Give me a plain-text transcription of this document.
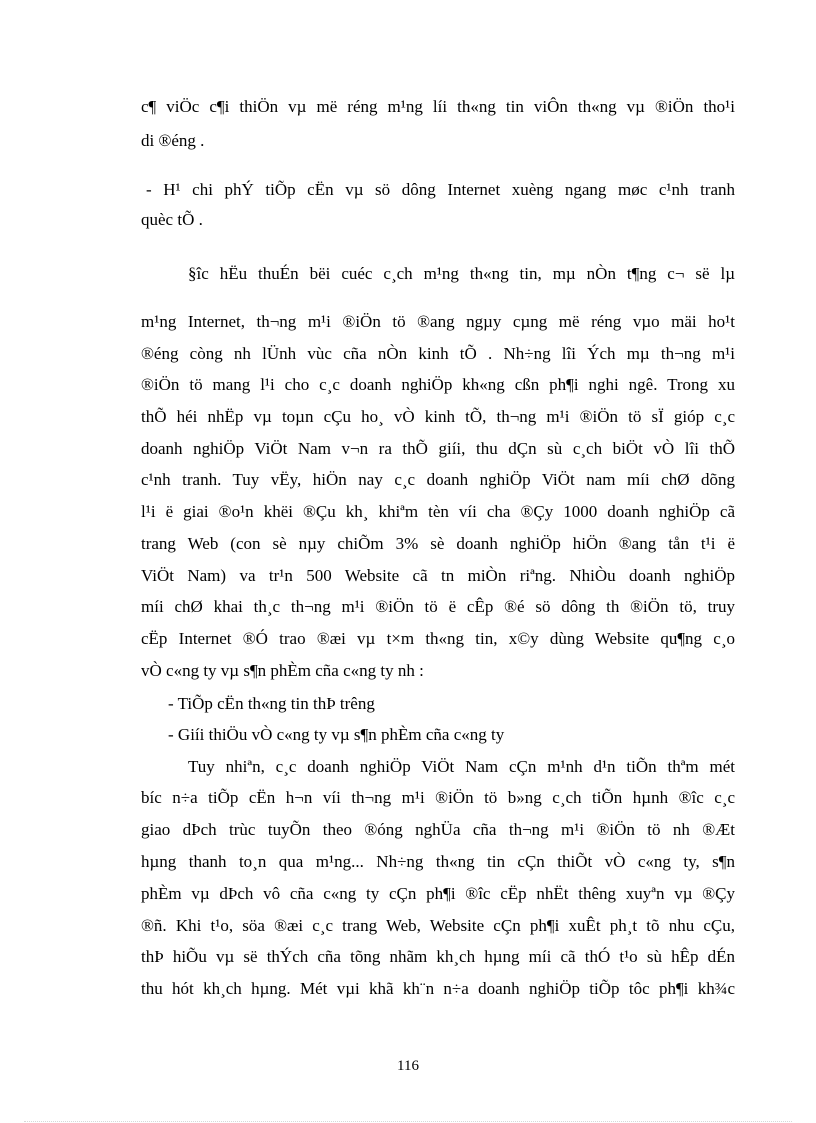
c¶ viÖc c¶i thiÖn vµ më réng m¹ng líi th«ng tin viÔn th«ng vµ ®iÖn tho¹i
di ®éng .
- H¹ chi phÝ tiÕp cËn vµ sö dông Internet xuèng ngang møc c¹nh tranh
quèc tÕ .
§îc hËu thuÉn bëi cuéc c¸ch m¹ng th«ng tin, mµ nÒn t¶ng c¬ së lµ
m¹ng Internet, th¬ng m¹i ®iÖn tö ®ang ngµy cµng më réng vµo mäi ho¹t
®éng còng nh lÜnh vùc cña nÒn kinh tÕ . Nh÷ng lîi Ých mµ th¬ng m¹i
®iÖn tö mang l¹i cho c¸c doanh nghiÖp kh«ng cßn ph¶i nghi ngê. Trong xu
thÕ héi nhËp vµ toµn cÇu ho¸ vÒ kinh tÕ, th¬ng m¹i ®iÖn tö sÏ gióp c¸c
doanh nghiÖp ViÖt Nam v¬n ra thÕ giíi, thu dÇn sù c¸ch biÖt vÒ lîi thÕ
c¹nh tranh. Tuy vËy, hiÖn nay c¸c doanh nghiÖp ViÖt nam míi chØ dõng
l¹i ë giai ®o¹n khëi ®Çu kh¸ khiªm tèn víi cha ®Çy 1000 doanh nghiÖp cã
trang Web (con sè nµy chiÕm 3% sè doanh nghiÖp hiÖn ®ang tån t¹i ë
ViÖt Nam) va tr¹n 500 Website cã tn miÒn riªng. NhiÒu doanh nghiÖp
míi chØ khai th¸c th¬ng m¹i ®iÖn tö ë cÊp ®é sö dông th ®iÖn tö, truy
cËp Internet ®Ó trao ®æi vµ t×m th«ng tin, x©y dùng Website qu¶ng c¸o
vÒ c«ng ty vµ s¶n phÈm cña c«ng ty nh :
- TiÕp cËn th«ng tin thÞ trêng
- Giíi thiÖu vÒ c«ng ty vµ s¶n phÈm cña c«ng ty
Tuy nhiªn, c¸c doanh nghiÖp ViÖt Nam cÇn m¹nh d¹n tiÕn thªm mét
bíc n÷a tiÕp cËn h¬n víi th¬ng m¹i ®iÖn tö b»ng c¸ch tiÕn hµnh ®îc c¸c
giao dÞch trùc tuyÕn theo ®óng nghÜa cña th¬ng m¹i ®iÖn tö nh ®Æt
hµng thanh to¸n qua m¹ng... Nh÷ng th«ng tin cÇn thiÕt vÒ c«ng ty, s¶n
phÈm vµ dÞch vô cña c«ng ty cÇn ph¶i ®îc cËp nhËt thêng xuyªn vµ ®Çy
®ñ. Khi t¹o, söa ®æi c¸c trang Web, Website cÇn ph¶i xuÊt ph¸t tõ nhu cÇu,
thÞ hiÕu vµ së thÝch cña tõng nhãm kh¸ch hµng míi cã thÓ t¹o sù hÊp dÉn
thu hót kh¸ch hµng. Mét vµi khã kh¨n n÷a doanh nghiÖp tiÕp tôc ph¶i kh¾c
116
